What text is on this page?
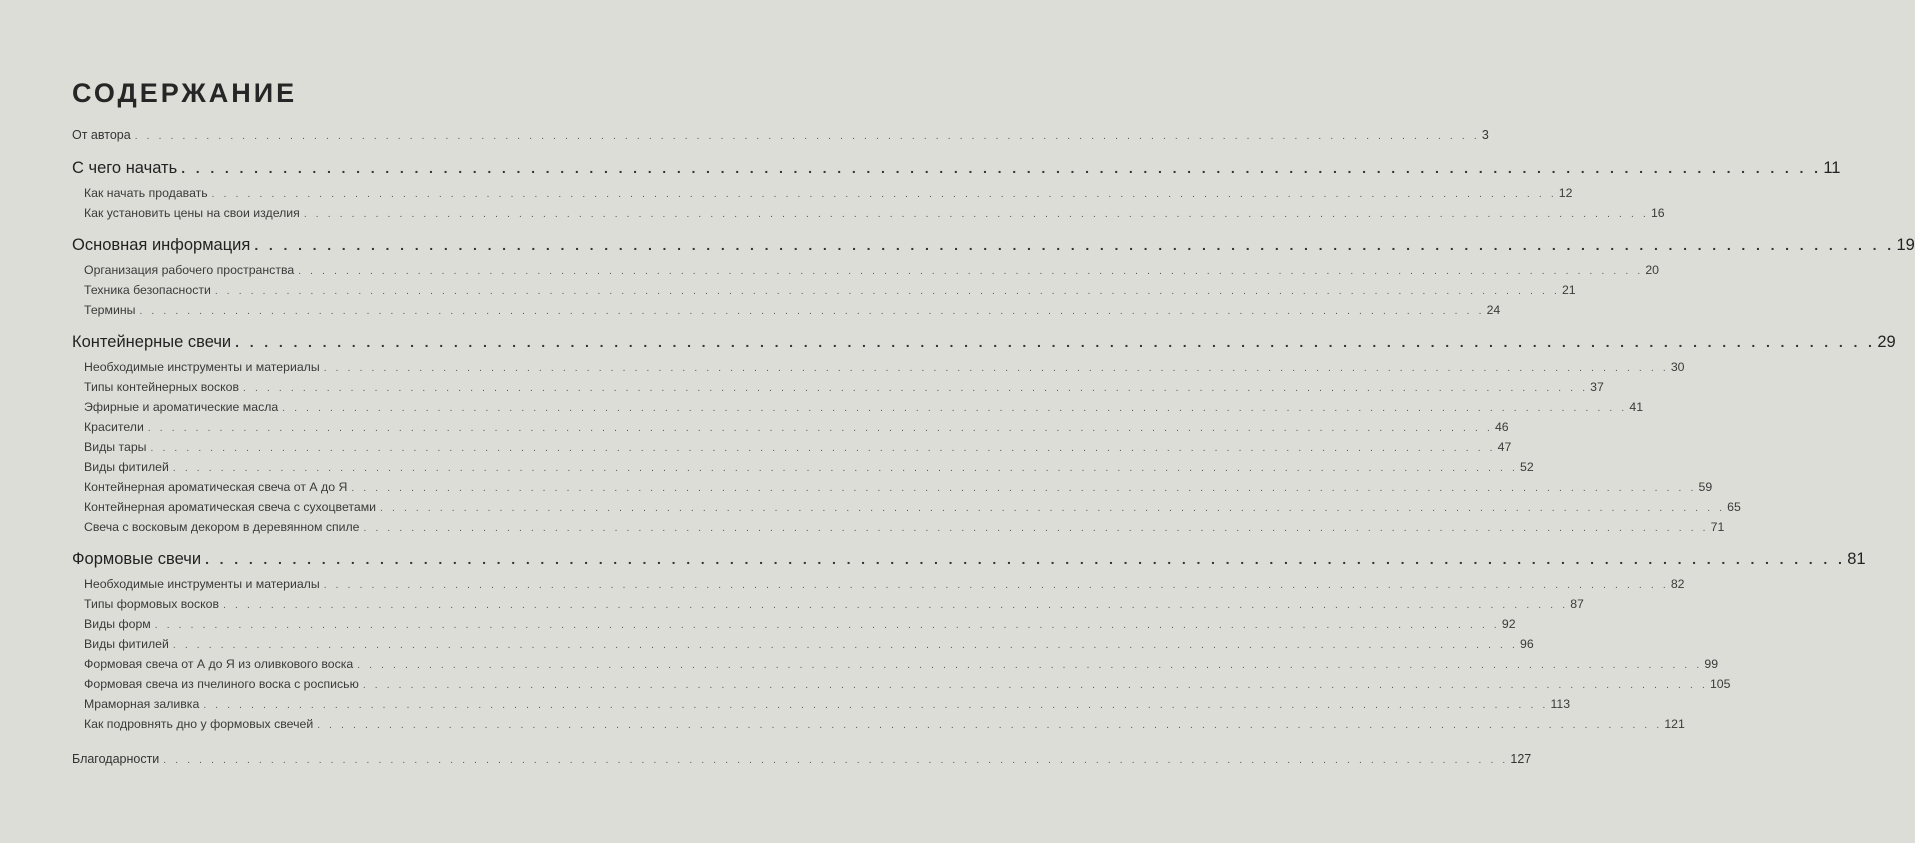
СОДЕРЖАНИЕ
От автора . . . . . . . . . . . . . . . . . . . . . . . . . . . . . . . . . . . . . . . . . . . . . . . . . . . . . . . . . . . . . . . . . . . . . . . . . . . . . . . . . . . . . . . . . . . . . . . . . . . . . . . . . . . . . . . . . 3
С чего начать . . . . . . . . . . . . . . . . . . . . . . . . . . . . . . . . . . . . . . . . . . . . . . . . . . . . . . . . . . . . . . . . . . . . . . . . . . . . . . . . . . . . . . . . . . . . . . . . . . . . . . . . . . . . . . . . . 11
Как начать продавать . . . . . . . . . . . . . . . . . . . . . . . . . . . . . . . . . . . . . . . . . . . . . . . . . . . . . . . . . . . . . . . . . . . . . . . . . . . . . . . . . . . . . . . . . . . . . . . . . . . . . . . . . . . . . . . . . 12
Как установить цены на свои изделия . . . . . . . . . . . . . . . . . . . . . . . . . . . . . . . . . . . . . . . . . . . . . . . . . . . . . . . . . . . . . . . . . . . . . . . . . . . . . . . . . . . . . . . . . . . . . . . . . . . . . . . . . . . . . . . . . 16
Основная информация . . . . . . . . . . . . . . . . . . . . . . . . . . . . . . . . . . . . . . . . . . . . . . . . . . . . . . . . . . . . . . . . . . . . . . . . . . . . . . . . . . . . . . . . . . . . . . . . . . . . . . . . . . . . . . . . . 19
Организация рабочего пространства . . . . . . . . . . . . . . . . . . . . . . . . . . . . . . . . . . . . . . . . . . . . . . . . . . . . . . . . . . . . . . . . . . . . . . . . . . . . . . . . . . . . . . . . . . . . . . . . . . . . . . . . . . . . . . . . . 20
Техника безопасности . . . . . . . . . . . . . . . . . . . . . . . . . . . . . . . . . . . . . . . . . . . . . . . . . . . . . . . . . . . . . . . . . . . . . . . . . . . . . . . . . . . . . . . . . . . . . . . . . . . . . . . . . . . . . . . . . 21
Термины . . . . . . . . . . . . . . . . . . . . . . . . . . . . . . . . . . . . . . . . . . . . . . . . . . . . . . . . . . . . . . . . . . . . . . . . . . . . . . . . . . . . . . . . . . . . . . . . . . . . . . . . . . . . . . . . . 24
Контейнерные свечи . . . . . . . . . . . . . . . . . . . . . . . . . . . . . . . . . . . . . . . . . . . . . . . . . . . . . . . . . . . . . . . . . . . . . . . . . . . . . . . . . . . . . . . . . . . . . . . . . . . . . . . . . . . . . . . . . 29
Необходимые инструменты и материалы . . . . . . . . . . . . . . . . . . . . . . . . . . . . . . . . . . . . . . . . . . . . . . . . . . . . . . . . . . . . . . . . . . . . . . . . . . . . . . . . . . . . . . . . . . . . . . . . . . . . . . . . . . . . . . . . . 30
Типы контейнерных восков . . . . . . . . . . . . . . . . . . . . . . . . . . . . . . . . . . . . . . . . . . . . . . . . . . . . . . . . . . . . . . . . . . . . . . . . . . . . . . . . . . . . . . . . . . . . . . . . . . . . . . . . . . . . . . . . . 37
Эфирные и ароматические масла . . . . . . . . . . . . . . . . . . . . . . . . . . . . . . . . . . . . . . . . . . . . . . . . . . . . . . . . . . . . . . . . . . . . . . . . . . . . . . . . . . . . . . . . . . . . . . . . . . . . . . . . . . . . . . . . . 41
Красители . . . . . . . . . . . . . . . . . . . . . . . . . . . . . . . . . . . . . . . . . . . . . . . . . . . . . . . . . . . . . . . . . . . . . . . . . . . . . . . . . . . . . . . . . . . . . . . . . . . . . . . . . . . . . . . . . 46
Виды тары . . . . . . . . . . . . . . . . . . . . . . . . . . . . . . . . . . . . . . . . . . . . . . . . . . . . . . . . . . . . . . . . . . . . . . . . . . . . . . . . . . . . . . . . . . . . . . . . . . . . . . . . . . . . . . . . . 47
Виды фитилей . . . . . . . . . . . . . . . . . . . . . . . . . . . . . . . . . . . . . . . . . . . . . . . . . . . . . . . . . . . . . . . . . . . . . . . . . . . . . . . . . . . . . . . . . . . . . . . . . . . . . . . . . . . . . . . . . 52
Контейнерная ароматическая свеча от А до Я . . . . . . . . . . . . . . . . . . . . . . . . . . . . . . . . . . . . . . . . . . . . . . . . . . . . . . . . . . . . . . . . . . . . . . . . . . . . . . . . . . . . . . . . . . . . . . . . . . . . . . . . . . . . . . . . . 59
Контейнерная ароматическая свеча с сухоцветами . . . . . . . . . . . . . . . . . . . . . . . . . . . . . . . . . . . . . . . . . . . . . . . . . . . . . . . . . . . . . . . . . . . . . . . . . . . . . . . . . . . . . . . . . . . . . . . . . . . . . . . . . . . . . . . . . 65
Свеча с восковым декором в деревянном спиле . . . . . . . . . . . . . . . . . . . . . . . . . . . . . . . . . . . . . . . . . . . . . . . . . . . . . . . . . . . . . . . . . . . . . . . . . . . . . . . . . . . . . . . . . . . . . . . . . . . . . . . . . . . . . . . . . 71
Формовые свечи . . . . . . . . . . . . . . . . . . . . . . . . . . . . . . . . . . . . . . . . . . . . . . . . . . . . . . . . . . . . . . . . . . . . . . . . . . . . . . . . . . . . . . . . . . . . . . . . . . . . . . . . . . . . . . . . . 81
Необходимые инструменты и материалы . . . . . . . . . . . . . . . . . . . . . . . . . . . . . . . . . . . . . . . . . . . . . . . . . . . . . . . . . . . . . . . . . . . . . . . . . . . . . . . . . . . . . . . . . . . . . . . . . . . . . . . . . . . . . . . . . 82
Типы формовых восков . . . . . . . . . . . . . . . . . . . . . . . . . . . . . . . . . . . . . . . . . . . . . . . . . . . . . . . . . . . . . . . . . . . . . . . . . . . . . . . . . . . . . . . . . . . . . . . . . . . . . . . . . . . . . . . . . 87
Виды форм . . . . . . . . . . . . . . . . . . . . . . . . . . . . . . . . . . . . . . . . . . . . . . . . . . . . . . . . . . . . . . . . . . . . . . . . . . . . . . . . . . . . . . . . . . . . . . . . . . . . . . . . . . . . . . . . . 92
Виды фитилей . . . . . . . . . . . . . . . . . . . . . . . . . . . . . . . . . . . . . . . . . . . . . . . . . . . . . . . . . . . . . . . . . . . . . . . . . . . . . . . . . . . . . . . . . . . . . . . . . . . . . . . . . . . . . . . . . 96
Формовая свеча от А до Я из оливкового воска . . . . . . . . . . . . . . . . . . . . . . . . . . . . . . . . . . . . . . . . . . . . . . . . . . . . . . . . . . . . . . . . . . . . . . . . . . . . . . . . . . . . . . . . . . . . . . . . . . . . . . . . . . . . . . . . . 99
Формовая свеча из пчелиного воска с росписью . . . . . . . . . . . . . . . . . . . . . . . . . . . . . . . . . . . . . . . . . . . . . . . . . . . . . . . . . . . . . . . . . . . . . . . . . . . . . . . . . . . . . . . . . . . . . . . . . . . . . . . . . . . . . . . . . 105
Мраморная заливка . . . . . . . . . . . . . . . . . . . . . . . . . . . . . . . . . . . . . . . . . . . . . . . . . . . . . . . . . . . . . . . . . . . . . . . . . . . . . . . . . . . . . . . . . . . . . . . . . . . . . . . . . . . . . . . . . 113
Как подровнять дно у формовых свечей . . . . . . . . . . . . . . . . . . . . . . . . . . . . . . . . . . . . . . . . . . . . . . . . . . . . . . . . . . . . . . . . . . . . . . . . . . . . . . . . . . . . . . . . . . . . . . . . . . . . . . . . . . . . . . . . . 121
Благодарности . . . . . . . . . . . . . . . . . . . . . . . . . . . . . . . . . . . . . . . . . . . . . . . . . . . . . . . . . . . . . . . . . . . . . . . . . . . . . . . . . . . . . . . . . . . . . . . . . . . . . . . . . . . . . . . . . 127
